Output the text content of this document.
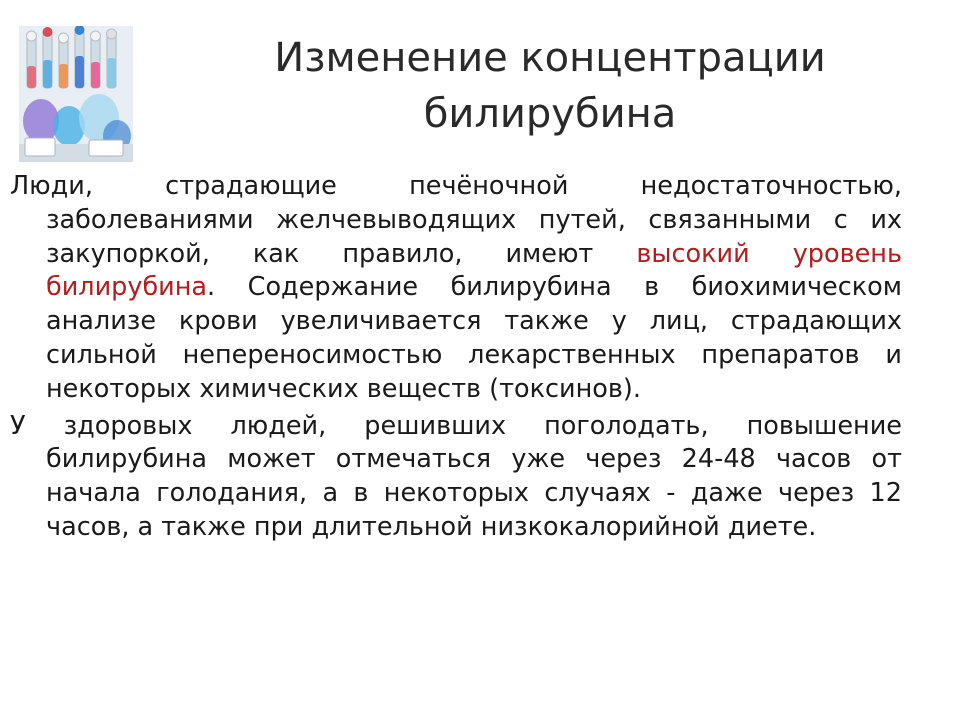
Изменение концентрации
билирубина

Люди, страдающие печёночной недостаточностью, заболеваниями желчевыводящих путей, связанными с их закупоркой, как правило, имеют высокий уровень билирубина. Содержание билирубина в биохимическом анализе крови увеличивается также у лиц, страдающих сильной непереносимостью лекарственных препаратов и некоторых химических веществ (токсинов).

У здоровых людей, решивших поголодать, повышение билирубина может отмечаться уже через 24-48 часов от начала голодания, а в некоторых случаях - даже через 12 часов, а также при длительной низкокалорийной диете.
